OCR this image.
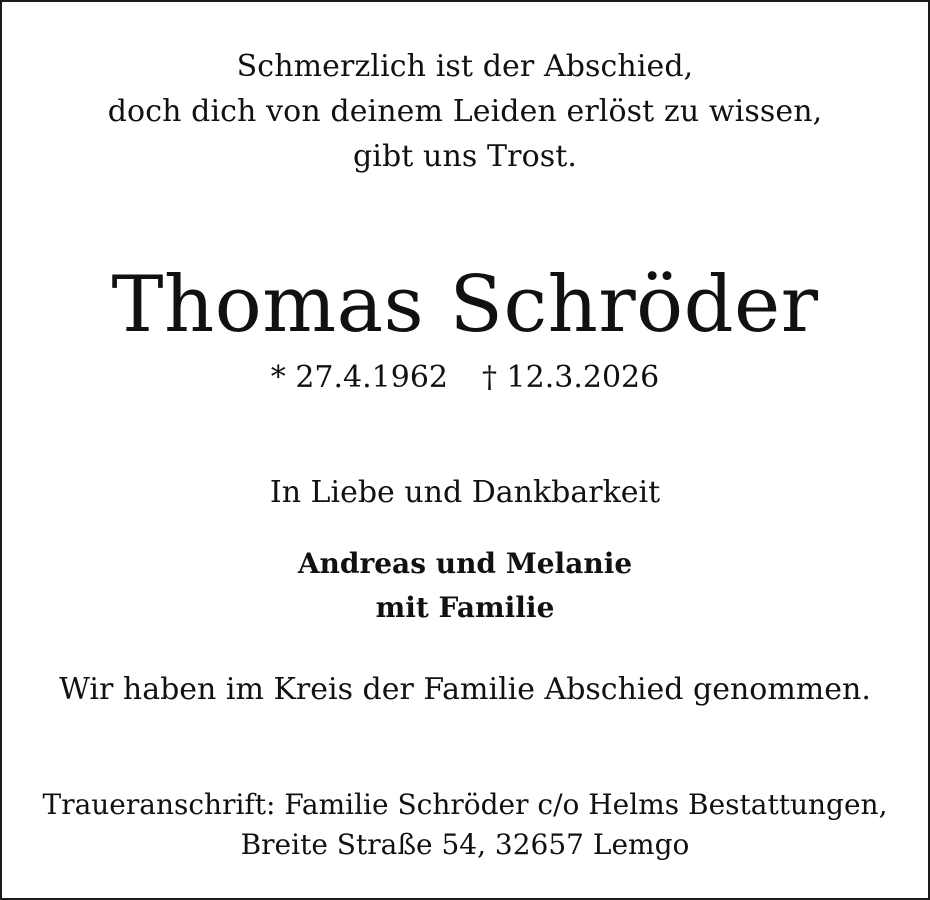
Schmerzlich ist der Abschied,
doch dich von deinem Leiden erlöst zu wissen,
gibt uns Trost.
Thomas Schröder
* 27.4.1962 † 12.3.2026
In Liebe und Dankbarkeit
Andreas und Melanie
mit Familie
Wir haben im Kreis der Familie Abschied genommen.
Traueranschrift: Familie Schröder c/o Helms Bestattungen,
Breite Straße 54, 32657 Lemgo
